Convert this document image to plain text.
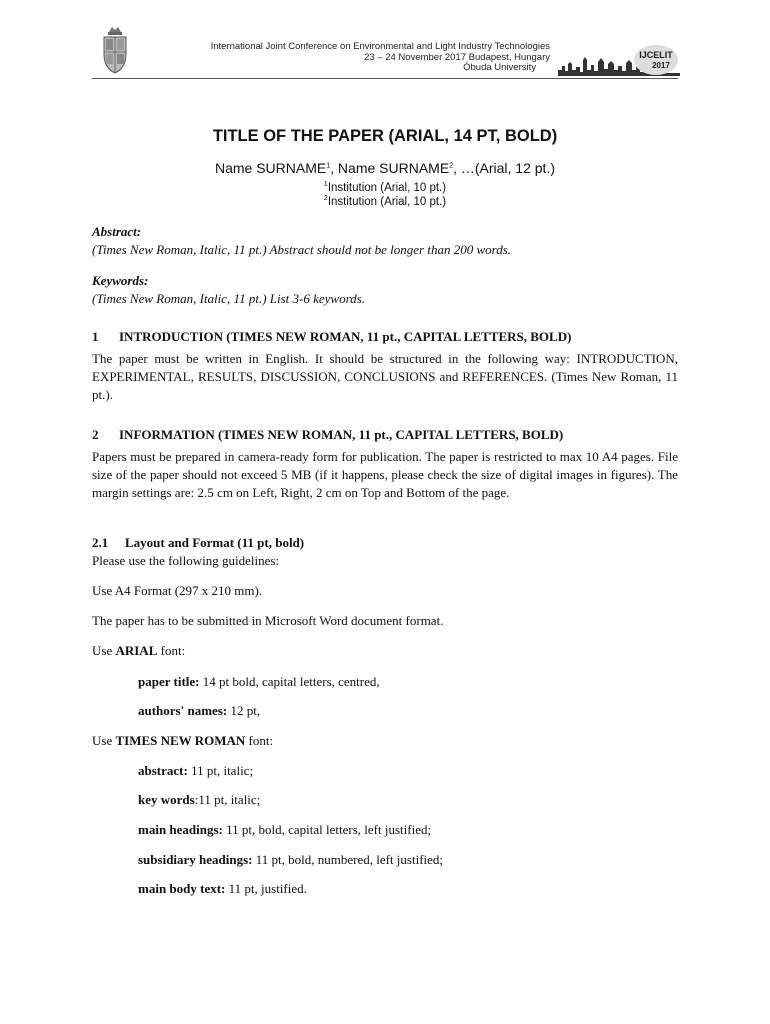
International Joint Conference on Environmental and Light Industry Technologies
23 – 24 November 2017 Budapest, Hungary
Óbuda University
IJCELIT
2017
TITLE OF THE PAPER (ARIAL, 14 PT, BOLD)
Name SURNAME$^1$, Name SURNAME$^2$, …(Arial, 12 pt.)
$^1$Institution (Arial, 10 pt.)
$^2$Institution (Arial, 10 pt.)
Abstract:
(Times New Roman, Italic, 11 pt.) Abstract should not be longer than 200 words.
Keywords:
(Times New Roman, Italic, 11 pt.) List 3-6 keywords.
1 INTRODUCTION (TIMES NEW ROMAN, 11 pt., CAPITAL LETTERS, BOLD)
The paper must be written in English. It should be structured in the following way: INTRODUCTION, EXPERIMENTAL, RESULTS, DISCUSSION, CONCLUSIONS and REFERENCES. (Times New Roman, 11 pt.).
2 INFORMATION (TIMES NEW ROMAN, 11 pt., CAPITAL LETTERS, BOLD)
Papers must be prepared in camera-ready form for publication. The paper is restricted to max 10 A4 pages. File size of the paper should not exceed 5 MB (if it happens, please check the size of digital images in figures). The margin settings are: 2.5 cm on Left, Right, 2 cm on Top and Bottom of the page.
2.1 Layout and Format (11 pt, bold)
Please use the following guidelines:
Use A4 Format (297 x 210 mm).
The paper has to be submitted in Microsoft Word document format.
Use ARIAL font:
paper title: 14 pt bold, capital letters, centred,
authors' names: 12 pt,
Use TIMES NEW ROMAN font:
abstract: 11 pt, italic;
key words:11 pt, italic;
main headings: 11 pt, bold, capital letters, left justified;
subsidiary headings: 11 pt, bold, numbered, left justified;
main body text: 11 pt, justified.
